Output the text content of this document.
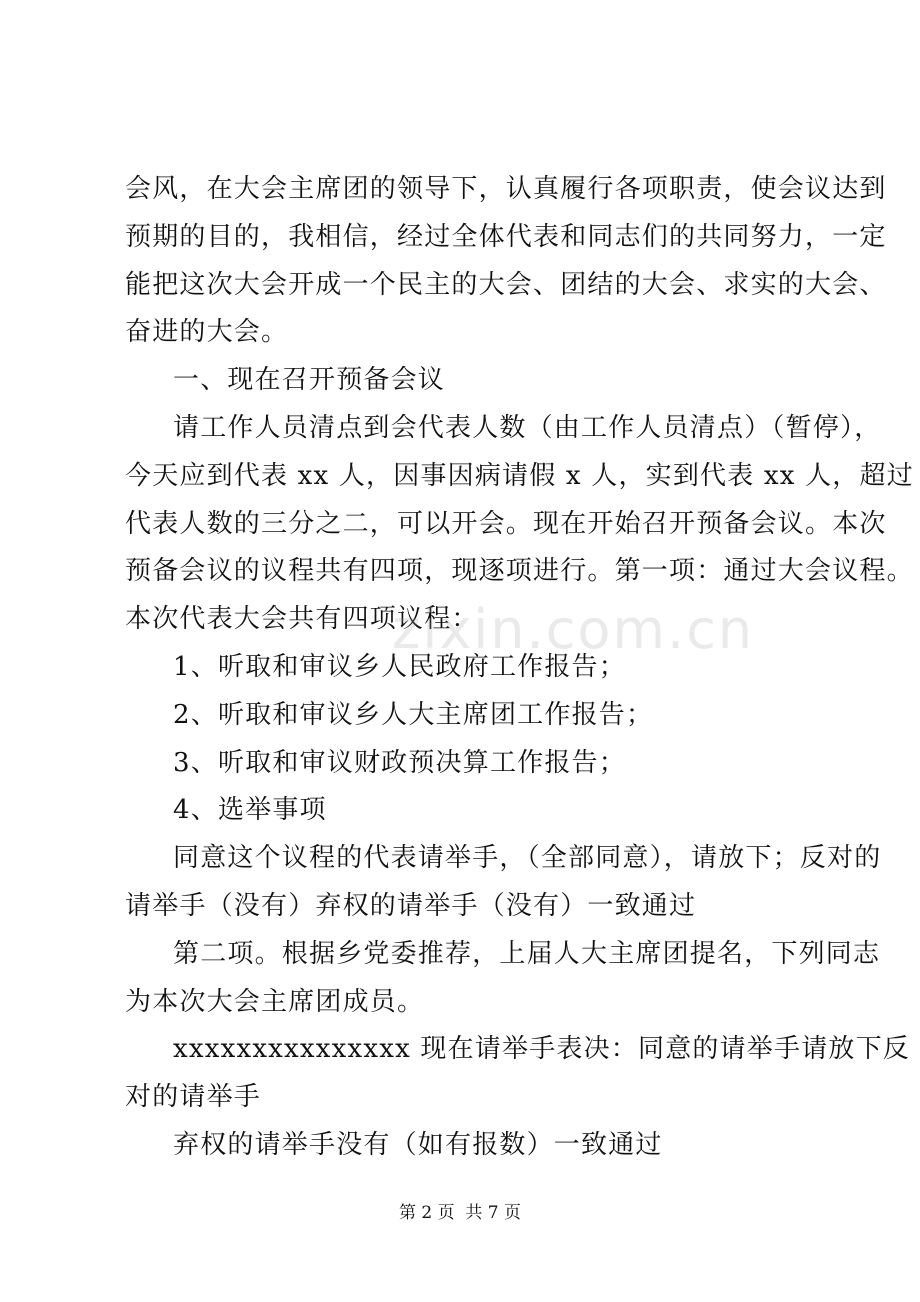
会风，在大会主席团的领导下，认真履行各项职责，使会议达到
预期的目的，我相信，经过全体代表和同志们的共同努力，一定
能把这次大会开成一个民主的大会、团结的大会、求实的大会、
奋进的大会。
一、现在召开预备会议
请工作人员清点到会代表人数（由工作人员清点）（暂停），
今天应到代表 xx 人，因事因病请假 x 人，实到代表 xx 人，超过
代表人数的三分之二，可以开会。现在开始召开预备会议。本次
预备会议的议程共有四项，现逐项进行。第一项：通过大会议程。
本次代表大会共有四项议程：
1、听取和审议乡人民政府工作报告；
2、听取和审议乡人大主席团工作报告；
3、听取和审议财政预决算工作报告；
4、选举事项
同意这个议程的代表请举手，（全部同意），请放下；反对的
请举手（没有）弃权的请举手（没有）一致通过
第二项。根据乡党委推荐，上届人大主席团提名，下列同志
为本次大会主席团成员。
xxxxxxxxxxxxxxx 现在请举手表决：同意的请举手请放下反
对的请举手
弃权的请举手没有（如有报数）一致通过
zixin.com.cn
第 2 页  共 7 页
